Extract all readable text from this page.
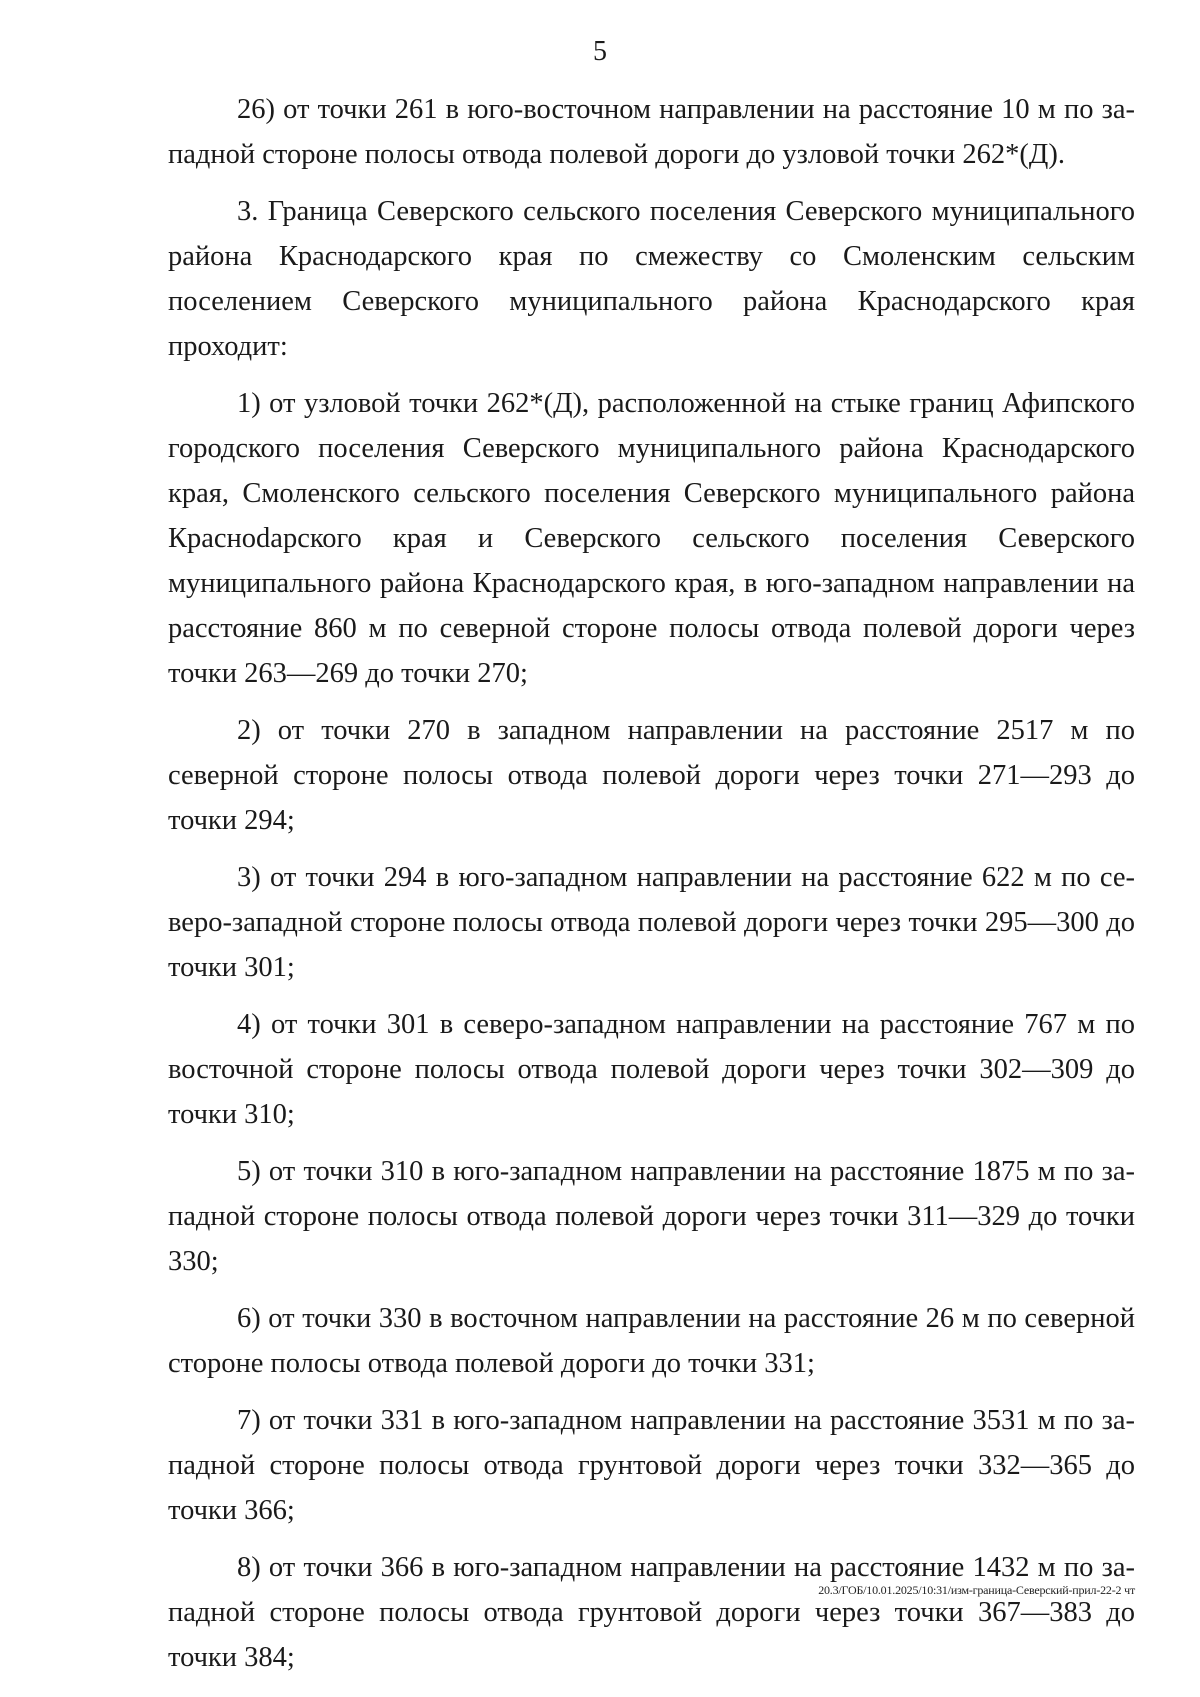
5

26) от точки 261 в юго-восточном направлении на расстояние 10 м по западной стороне полосы отвода полевой дороги до узловой точки 262*(Д).

3. Граница Северского сельского поселения Северского муниципального района Краснодарского края по смежеству со Смоленским сельским поселением Северского муниципального района Краснодарского края проходит:

1) от узловой точки 262*(Д), расположенной на стыке границ Афипского городского поселения Северского муниципального района Краснодарского края, Смоленского сельского поселения Северского муниципального района Красноdарского края и Северского сельского поселения Северского муниципального района Краснодарского края, в юго-западном направлении на расстояние 860 м по северной стороне полосы отвода полевой дороги через точки 263—269 до точки 270;

2) от точки 270 в западном направлении на расстояние 2517 м по северной стороне полосы отвода полевой дороги через точки 271—293 до точки 294;

3) от точки 294 в юго-западном направлении на расстояние 622 м по северо-западной стороне полосы отвода полевой дороги через точки 295—300 до точки 301;

4) от точки 301 в северо-западном направлении на расстояние 767 м по восточной стороне полосы отвода полевой дороги через точки 302—309 до точки 310;

5) от точки 310 в юго-западном направлении на расстояние 1875 м по западной стороне полосы отвода полевой дороги через точки 311—329 до точки 330;

6) от точки 330 в восточном направлении на расстояние 26 м по северной стороне полосы отвода полевой дороги до точки 331;

7) от точки 331 в юго-западном направлении на расстояние 3531 м по западной стороне полосы отвода грунтовой дороги через точки 332—365 до точки 366;

8) от точки 366 в юго-западном направлении на расстояние 1432 м по западной стороне полосы отвода грунтовой дороги через точки 367—383 до точки 384;

20.3/ГОБ/10.01.2025/10:31/изм-граница-Северский-прил-22-2 чт
